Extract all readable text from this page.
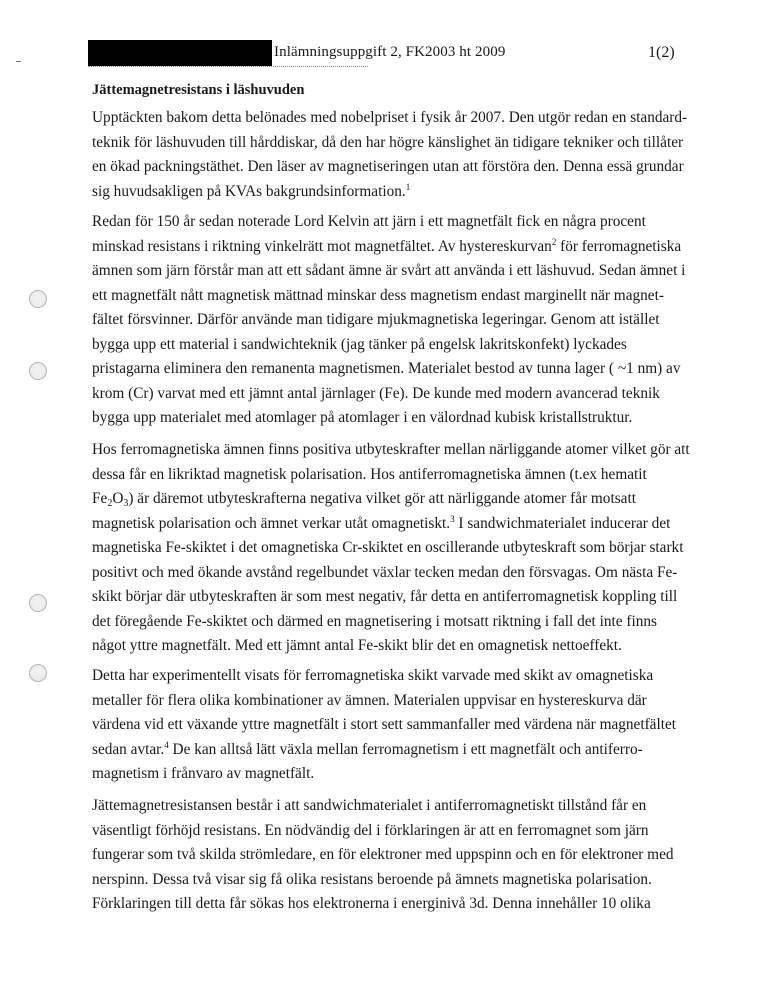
Inlämningsuppgift 2, FK2003 ht 2009	1(2)
Jättemagnetresistans i läshuvuden
Upptäckten bakom detta belönades med nobelpriset i fysik år 2007. Den utgör redan en standard-
teknik för läshuvuden till hårddiskar, då den har högre känslighet än tidigare tekniker och tillåter
en ökad packningstäthet. Den läser av magnetiseringen utan att förstöra den. Denna essä grundar
sig huvudsakligen på KVAs bakgrundsinformation.$^1$
Redan för 150 år sedan noterade Lord Kelvin att järn i ett magnetfält fick en några procent
minskad resistans i riktning vinkelrätt mot magnetfältet. Av hystereskurvan$^2$ för ferromagnetiska
ämnen som järn förstår man att ett sådant ämne är svårt att använda i ett läshuvud. Sedan ämnet i
ett magnetfält nått magnetisk mättnad minskar dess magnetism endast marginellt när magnet-
fältet försvinner. Därför använde man tidigare mjukmagnetiska legeringar. Genom att istället
bygga upp ett material i sandwichteknik (jag tänker på engelsk lakritskonfekt) lyckades
pristagarna eliminera den remanenta magnetismen. Materialet bestod av tunna lager ( ~1 nm) av
krom (Cr) varvat med ett jämnt antal järnlager (Fe). De kunde med modern avancerad teknik
bygga upp materialet med atomlager på atomlager i en välordnad kubisk kristallstruktur.
Hos ferromagnetiska ämnen finns positiva utbyteskrafter mellan närliggande atomer vilket gör att
dessa får en likriktad magnetisk polarisation. Hos antiferromagnetiska ämnen (t.ex hematit
$Fe_2O_3$) är däremot utbyteskrafterna negativa vilket gör att närliggande atomer får motsatt
magnetisk polarisation och ämnet verkar utåt omagnetiskt.$^3$ I sandwichmaterialet inducerar det
magnetiska Fe-skiktet i det omagnetiska Cr-skiktet en oscillerande utbyteskraft som börjar starkt
positivt och med ökande avstånd regelbundet växlar tecken medan den försvagas. Om nästa Fe-
skikt börjar där utbyteskraften är som mest negativ, får detta en antiferromagnetisk koppling till
det föregående Fe-skiktet och därmed en magnetisering i motsatt riktning i fall det inte finns
något yttre magnetfält. Med ett jämnt antal Fe-skikt blir det en omagnetisk nettoeffekt.
Detta har experimentellt visats för ferromagnetiska skikt varvade med skikt av omagnetiska
metaller för flera olika kombinationer av ämnen. Materialen uppvisar en hystereskurva där
värdena vid ett växande yttre magnetfält i stort sett sammanfaller med värdena när magnetfältet
sedan avtar.$^4$ De kan alltså lätt växla mellan ferromagnetism i ett magnetfält och antiferro-
magnetism i frånvaro av magnetfält.
Jättemagnetresistansen består i att sandwichmaterialet i antiferromagnetiskt tillstånd får en
väsentligt förhöjd resistans. En nödvändig del i förklaringen är att en ferromagnet som järn
fungerar som två skilda strömledare, en för elektroner med uppspinn och en för elektroner med
nerspinn. Dessa två visar sig få olika resistans beroende på ämnets magnetiska polarisation.
Förklaringen till detta får sökas hos elektronerna i energinivå 3d. Denna innehåller 10 olika
